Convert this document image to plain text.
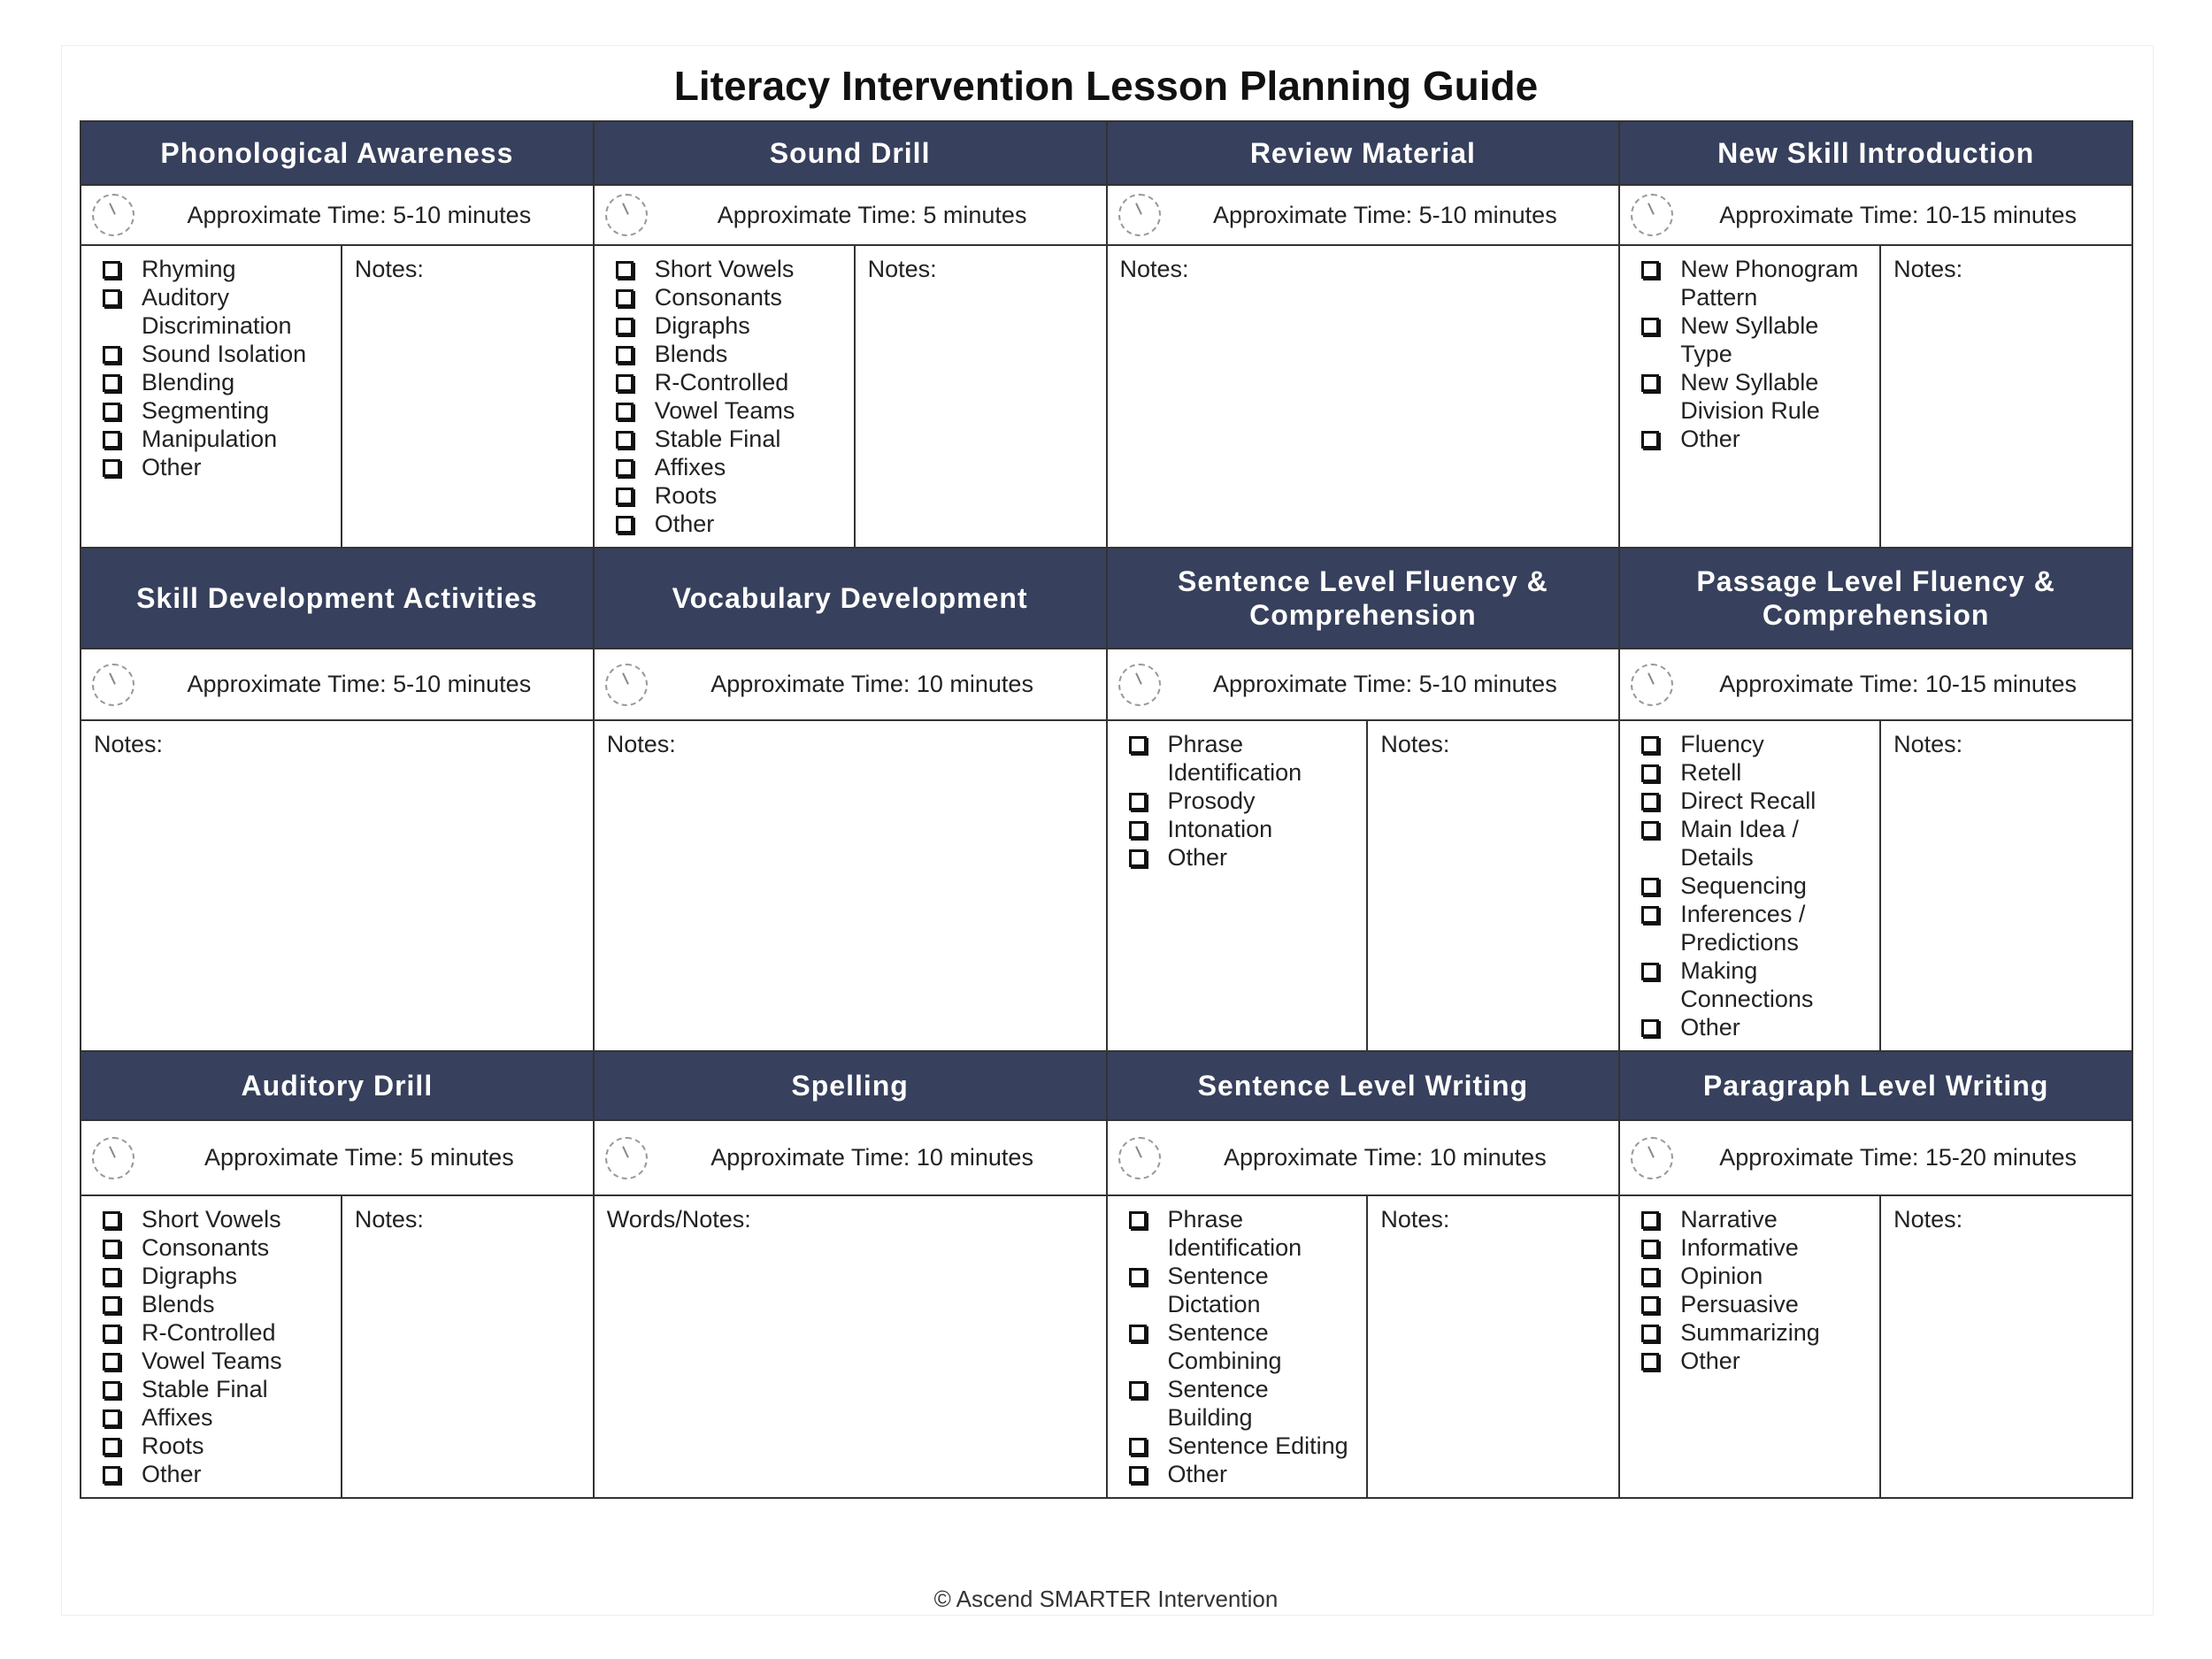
Literacy Intervention Lesson Planning Guide
Phonological Awareness
Approximate Time: 5-10 minutes
Rhyming
Auditory Discrimination
Sound Isolation
Blending
Segmenting
Manipulation
Other
Notes:
Sound Drill
Approximate Time: 5 minutes
Short Vowels
Consonants
Digraphs
Blends
R-Controlled
Vowel Teams
Stable Final
Affixes
Roots
Other
Notes:
Review Material
Approximate Time: 5-10 minutes
Notes:
New Skill Introduction
Approximate Time: 10-15 minutes
New Phonogram Pattern
New Syllable Type
New Syllable Division Rule
Other
Notes:
Skill Development Activities
Approximate Time: 5-10 minutes
Notes:
Vocabulary Development
Approximate Time: 10 minutes
Notes:
Sentence Level Fluency & Comprehension
Approximate Time: 5-10 minutes
Phrase Identification
Prosody
Intonation
Other
Notes:
Passage Level Fluency & Comprehension
Approximate Time: 10-15 minutes
Fluency
Retell
Direct Recall
Main Idea / Details
Sequencing
Inferences / Predictions
Making Connections
Other
Notes:
Auditory Drill
Approximate Time: 5 minutes
Short Vowels
Consonants
Digraphs
Blends
R-Controlled
Vowel Teams
Stable Final
Affixes
Roots
Other
Notes:
Spelling
Approximate Time: 10 minutes
Words/Notes:
Sentence Level Writing
Approximate Time: 10 minutes
Phrase Identification
Sentence Dictation
Sentence Combining
Sentence Building
Sentence Editing
Other
Notes:
Paragraph Level Writing
Approximate Time: 15-20 minutes
Narrative
Informative
Opinion
Persuasive
Summarizing
Other
Notes:
© Ascend SMARTER Intervention
